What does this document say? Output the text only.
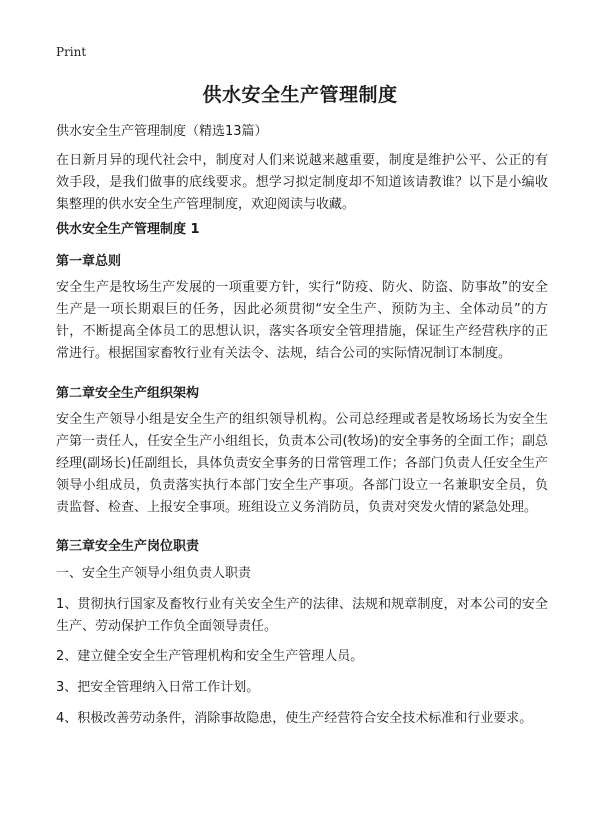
Print
供水安全生产管理制度

供水安全生产管理制度（精选13篇）

在日新月异的现代社会中，制度对人们来说越来越重要，制度是维护公平、公正的有效手段，是我们做事的底线要求。想学习拟定制度却不知道该请教谁？以下是小编收集整理的供水安全生产管理制度，欢迎阅读与收藏。

供水安全生产管理制度 1

第一章总则

安全生产是牧场生产发展的一项重要方针，实行“防疫、防火、防盗、防事故”的安全生产是一项长期艰巨的任务，因此必须贯彻“安全生产、预防为主、全体动员”的方针，不断提高全体员工的思想认识，落实各项安全管理措施，保证生产经营秩序的正常进行。根据国家畜牧行业有关法令、法规，结合公司的实际情况制订本制度。

第二章安全生产组织架构

安全生产领导小组是安全生产的组织领导机构。公司总经理或者是牧场场长为安全生产第一责任人，任安全生产小组组长，负责本公司(牧场)的安全事务的全面工作；副总经理(副场长)任副组长，具体负责安全事务的日常管理工作；各部门负责人任安全生产领导小组成员，负责落实执行本部门安全生产事项。各部门设立一名兼职安全员，负责监督、检查、上报安全事项。班组设立义务消防员，负责对突发火情的紧急处理。

第三章安全生产岗位职责

一、安全生产领导小组负责人职责

1、贯彻执行国家及畜牧行业有关安全生产的法律、法规和规章制度，对本公司的安全生产、劳动保护工作负全面领导责任。

2、建立健全安全生产管理机构和安全生产管理人员。

3、把安全管理纳入日常工作计划。

4、积极改善劳动条件，消除事故隐患，使生产经营符合安全技术标准和行业要求。
